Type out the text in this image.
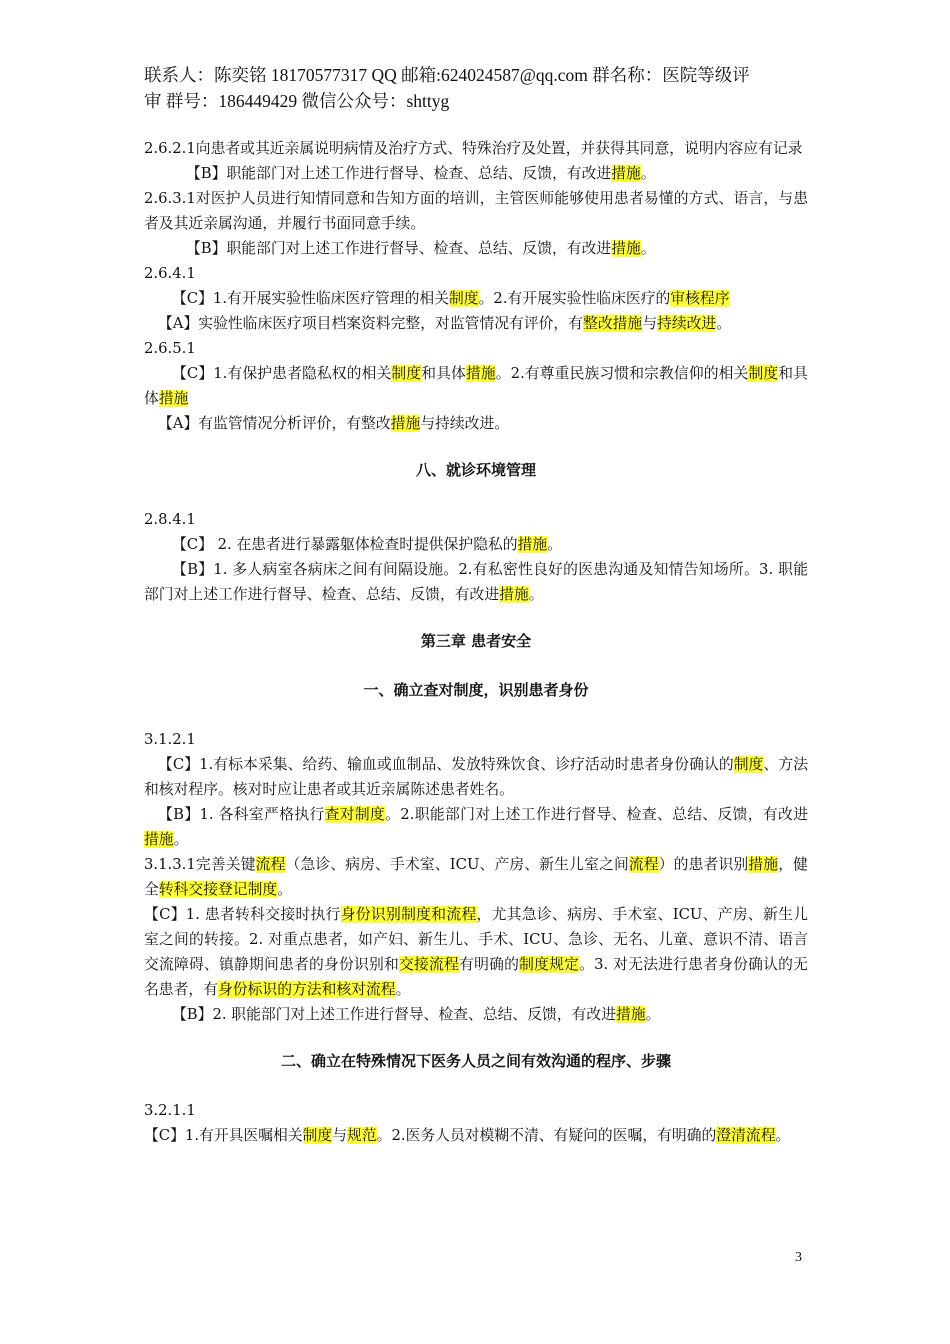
联系人：陈奕铭 18170577317 QQ 邮箱:624024587@qq.com 群名称：医院等级评
审 群号：186449429 微信公众号：shttyg

2.6.2.1向患者或其近亲属说明病情及治疗方式、特殊治疗及处置，并获得其同意，说明内容应有记录

【B】职能部门对上述工作进行督导、检查、总结、反馈，有改进措施。

2.6.3.1对医护人员进行知情同意和告知方面的培训，主管医师能够使用患者易懂的方式、语言，与患者及其近亲属沟通，并履行书面同意手续。

【B】职能部门对上述工作进行督导、检查、总结、反馈，有改进措施。

2.6.4.1

【C】1.有开展实验性临床医疗管理的相关制度。2.有开展实验性临床医疗的审核程序

【A】实验性临床医疗项目档案资料完整，对监管情况有评价，有整改措施与持续改进。

2.6.5.1

【C】1.有保护患者隐私权的相关制度和具体措施。2.有尊重民族习惯和宗教信仰的相关制度和具体措施

【A】有监管情况分析评价，有整改措施与持续改进。

八、就诊环境管理

2.8.4.1

【C】 2. 在患者进行暴露躯体检查时提供保护隐私的措施。

【B】1. 多人病室各病床之间有间隔设施。2.有私密性良好的医患沟通及知情告知场所。3. 职能部门对上述工作进行督导、检查、总结、反馈，有改进措施。

第三章 患者安全
一、确立查对制度，识别患者身份

3.1.2.1

【C】1.有标本采集、给药、输血或血制品、发放特殊饮食、诊疗活动时患者身份确认的制度、方法和核对程序。核对时应让患者或其近亲属陈述患者姓名。

【B】1. 各科室严格执行查对制度。2.职能部门对上述工作进行督导、检查、总结、反馈，有改进措施。

3.1.3.1完善关键流程（急诊、病房、手术室、ICU、产房、新生儿室之间流程）的患者识别措施，健全转科交接登记制度。

【C】1. 患者转科交接时执行身份识别制度和流程，尤其急诊、病房、手术室、ICU、产房、新生儿室之间的转接。2. 对重点患者，如产妇、新生儿、手术、ICU、急诊、无名、儿童、意识不清、语言交流障碍、镇静期间患者的身份识别和交接流程有明确的制度规定。3. 对无法进行患者身份确认的无名患者，有身份标识的方法和核对流程。

【B】2. 职能部门对上述工作进行督导、检查、总结、反馈，有改进措施。

二、确立在特殊情况下医务人员之间有效沟通的程序、步骤

3.2.1.1

【C】1.有开具医嘱相关制度与规范。2.医务人员对模糊不清、有疑问的医嘱，有明确的澄清流程。

3
